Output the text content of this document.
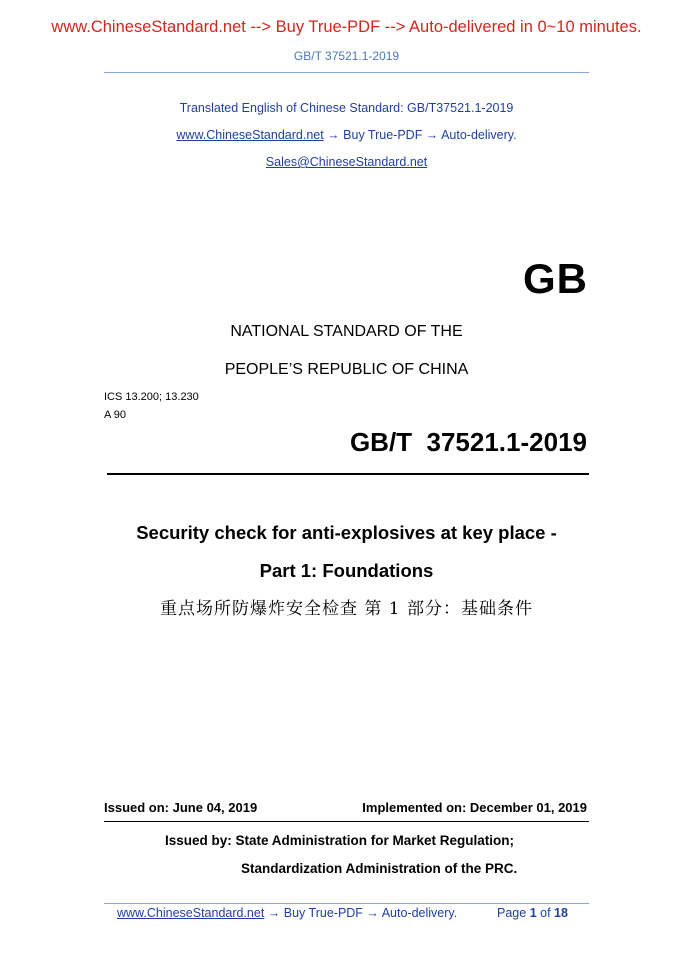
www.ChineseStandard.net --> Buy True-PDF --> Auto-delivered in 0~10 minutes.
GB/T 37521.1-2019
Translated English of Chinese Standard: GB/T37521.1-2019
www.ChineseStandard.net → Buy True-PDF → Auto-delivery.
Sales@ChineseStandard.net
GB
NATIONAL STANDARD OF THE
PEOPLE’S REPUBLIC OF CHINA
ICS 13.200; 13.230
A 90
GB/T  37521.1-2019
Security check for anti-explosives at key place -
Part 1: Foundations
重点场所防爆炸安全检查 第 1 部分：基础条件
Issued on: June 04, 2019	Implemented on: December 01, 2019
Issued by: State Administration for Market Regulation;
Standardization Administration of the PRC.
www.ChineseStandard.net → Buy True-PDF → Auto-delivery.	Page 1 of 18
